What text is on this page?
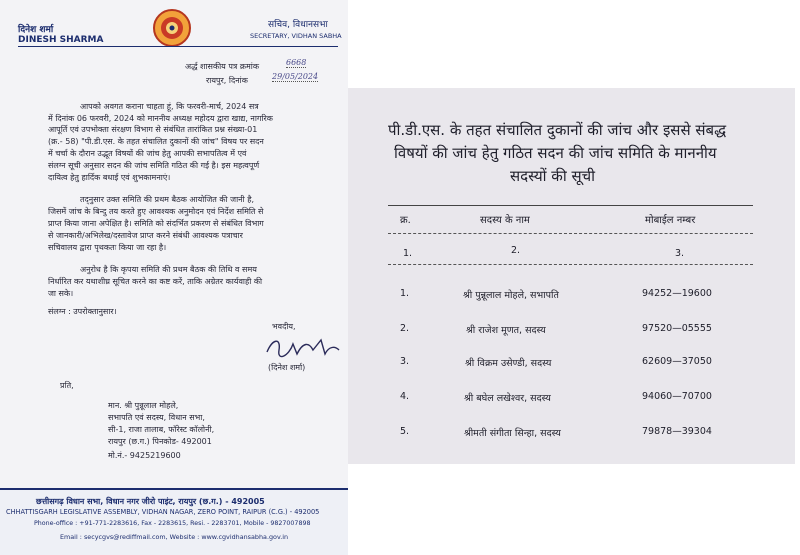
दिनेश शर्मा
DINESH SHARMA
सचिव, विधानसभा
SECRETARY, VIDHAN SABHA
अर्द्ध शासकीय पत्र क्रमांक	6668
रायपुर, दिनांक	29/05/2024
आपको अवगत कराना चाहता हूं, कि फरवरी-मार्च, 2024 सत्र
में दिनांक 06 फरवरी, 2024 को माननीय अध्यक्ष महोदय द्वारा खाद्य, नागरिक
आपूर्ति एवं उपभोक्ता संरक्षण विभाग से संबंधित तारांकित प्रश्न संख्या-01
(क्र.- 58) "पी.डी.एस. के तहत संचालित दुकानों की जांच" विषय पर सदन
में चर्चा के दौरान उद्भूत विषयों की जांच हेतु आपकी सभापतित्व में एवं
संलग्न सूची अनुसार सदन की जांच समिति गठित की गई है। इस महत्वपूर्ण
दायित्व हेतु हार्दिक बधाई एवं शुभकामनाएं।
तद्नुसार उक्त समिति की प्रथम बैठक आयोजित की जानी है,
जिसमें जांच के बिन्दु तय करते हुए आवश्यक अनुमोदन एवं निर्देश समिति से
प्राप्त किया जाना अपेक्षित है। समिति को संदर्भित प्रकरण से संबंधित विभाग
से जानकारी/अभिलेख/दस्तावेज प्राप्त करने संबंधी आवश्यक पत्राचार
सचिवालय द्वारा पृथकतः किया जा रहा है।
अनुरोध है कि कृपया समिति की प्रथम बैठक की तिथि व समय
निर्धारित कर यथाशीघ्र सूचित करने का कष्ट करें, ताकि अग्रेतर कार्यवाही की
जा सके।
संलग्न : उपरोक्तानुसार।
भवदीय,
(दिनेश शर्मा)
प्रति,
मान. श्री पुन्नूलाल मोहले,
सभापति एवं सदस्य, विधान सभा,
सी-1, राजा तालाब, फॉरेस्ट कॉलोनी,
रायपुर (छ.ग.) पिनकोड- 492001
मो.नं.- 9425219600
छत्तीसगढ़ विधान सभा, विधान नगर जीरो पाइंट, रायपुर (छ.ग.) - 492005
CHHATTISGARH LEGISLATIVE ASSEMBLY, VIDHAN NAGAR, ZERO POINT, RAIPUR (C.G.) - 492005
Phone-office : +91-771-2283616, Fax - 2283615, Resi. - 2283701, Mobile - 9827007898
Email : secycgvs@rediffmail.com, Website : www.cgvidhansabha.gov.in
पी.डी.एस. के तहत संचालित दुकानों की जांच और इससे संबद्ध
विषयों की जांच हेतु गठित सदन की जांच समिति के माननीय
सदस्यों की सूची
क्र.	सदस्य के नाम	मोबाईल नम्बर
1.	2.	3.
1.	श्री पुन्नूलाल मोहले, सभापति	94252—19600
2.	श्री राजेश मूणत, सदस्य	97520—05555
3.	श्री विक्रम उसेण्डी, सदस्य	62609—37050
4.	श्री बघेल लखेश्वर, सदस्य	94060—70700
5.	श्रीमती संगीता सिन्हा, सदस्य	79878—39304
